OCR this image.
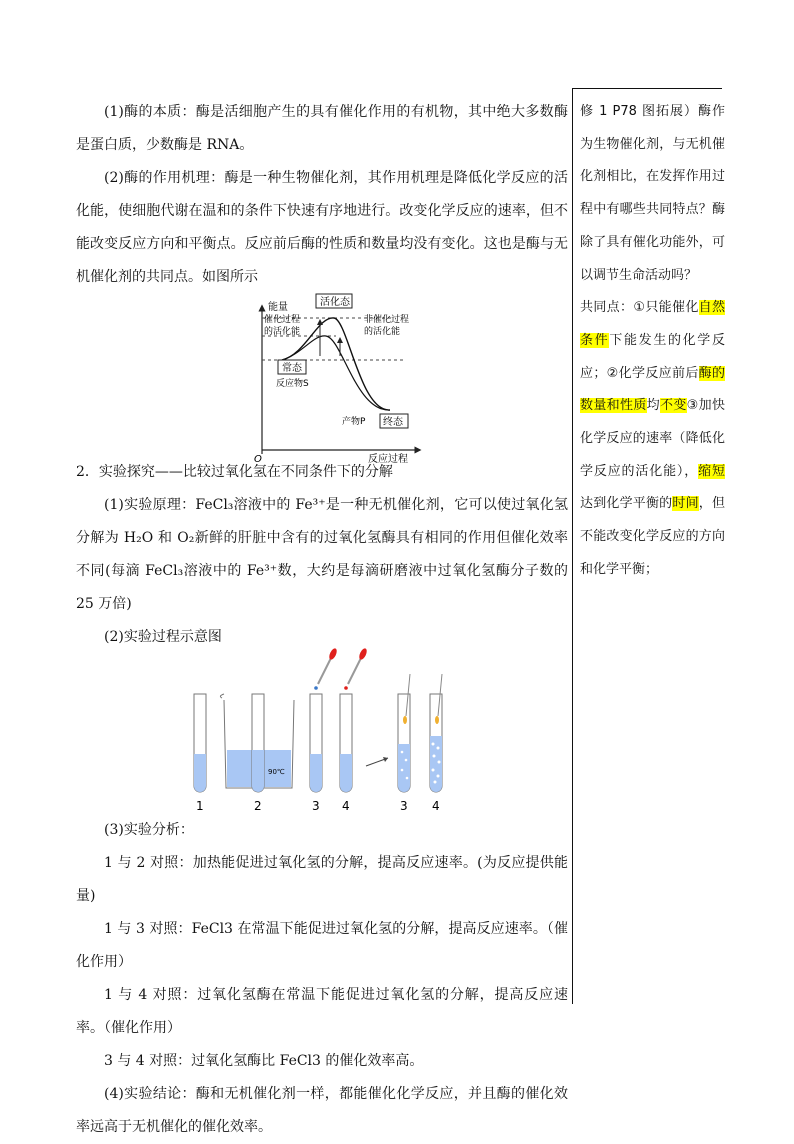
(1)酶的本质：酶是活细胞产生的具有催化作用的有机物，其中绝大多数酶是蛋白质，少数酶是 RNA。

(2)酶的作用机理：酶是一种生物催化剂，其作用机理是降低化学反应的活化能，使细胞代谢在温和的条件下快速有序地进行。改变化学反应的速率，但不能改变反应方向和平衡点。反应前后酶的性质和数量均没有变化。这也是酶与无机催化剂的共同点。如图所示

能量
反应过程
O
活化态
常态
反应物S
催化过程
的活化能
非催化过程
的活化能
产物P 终态

2．实验探究——比较过氧化氢在不同条件下的分解

(1)实验原理：FeCl₃溶液中的 Fe³⁺是一种无机催化剂，它可以使过氧化氢分解为 H₂O 和 O₂新鲜的肝脏中含有的过氧化氢酶具有相同的作用但催化效率不同(每滴 FeCl₃溶液中的 Fe³⁺数，大约是每滴研磨液中过氧化氢酶分子数的 25 万倍)

(2)实验过程示意图

90℃
1	2	3 4	3 4

(3)实验分析：

1 与 2 对照：加热能促进过氧化氢的分解，提高反应速率。(为反应提供能量)

1 与 3 对照：FeCl3 在常温下能促进过氧化氢的分解，提高反应速率。（催化作用）

1 与 4 对照：过氧化氢酶在常温下能促进过氧化氢的分解，提高反应速率。（催化作用）

3 与 4 对照：过氧化氢酶比 FeCl3 的催化效率高。

(4)实验结论：酶和无机催化剂一样，都能催化化学反应，并且酶的催化效率远高于无机催化的催化效率。

修 1 P78 图拓展）酶作为生物催化剂，与无机催化剂相比，在发挥作用过程中有哪些共同特点？酶除了具有催化功能外，可以调节生命活动吗？

共同点：①只能催化自然条件下能发生的化学反应；②化学反应前后酶的数量和性质均不变③加快化学反应的速率（降低化学反应的活化能），缩短达到化学平衡的时间，但不能改变化学反应的方向和化学平衡；
